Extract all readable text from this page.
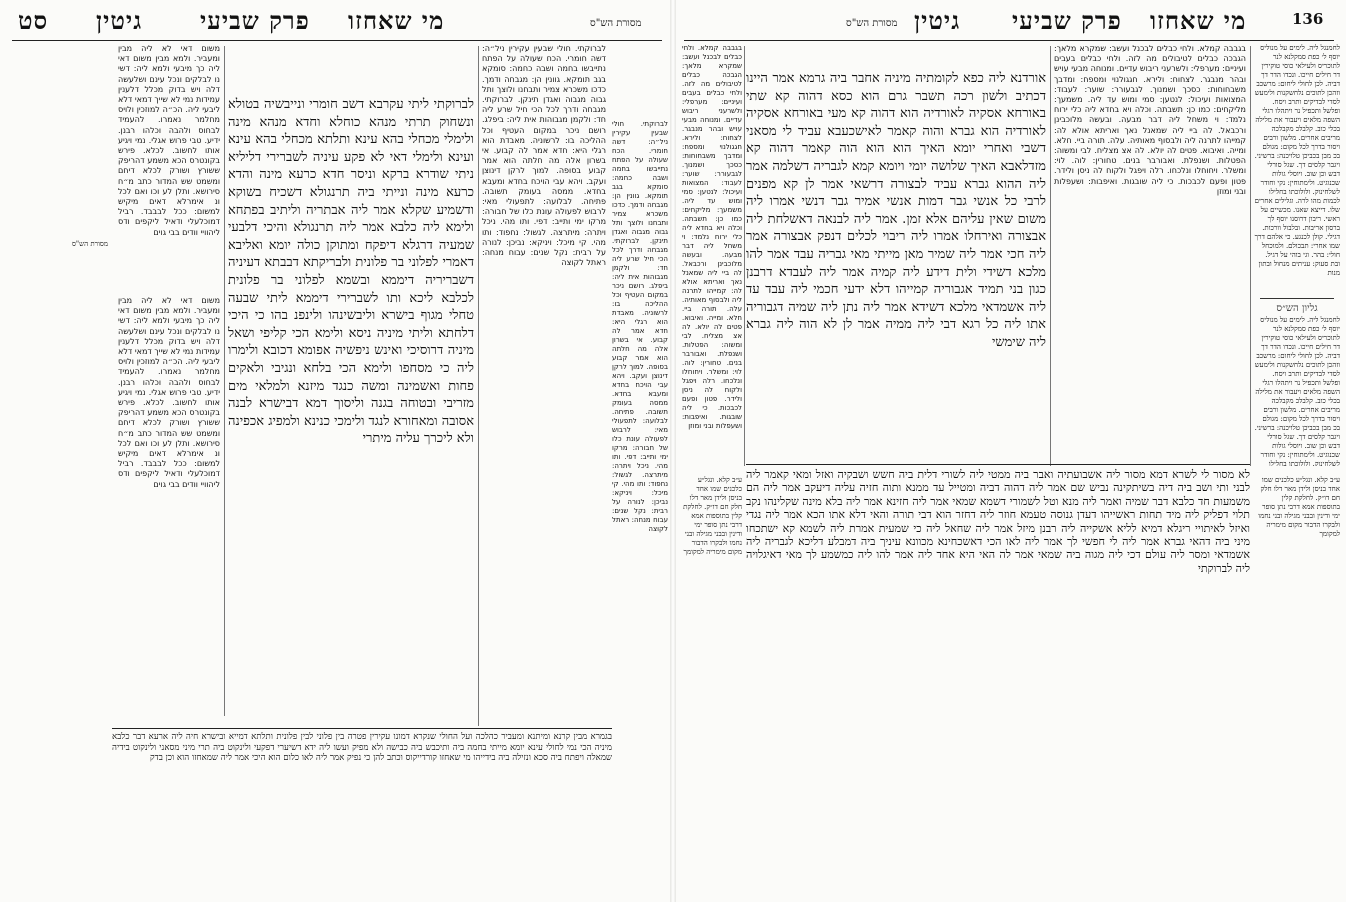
סט גיטין פרק שביעי מי שאחזו	מסורת הש"ס
משום דאי לא ליה מבין ומעביר. ולמא מבין משום דאי ליה כך מיבעי ולמא ליה: דשי נו לבלקים ונכל עינם ושלעשה דלה ויש בדוק מכלל דלענין עמידות נמי לא שייך דמאי דלא ליבעי ליה. הכ״ה למוזכין ולויס מחלמר נאמרו. להעמיד לבחוס ולהבה וכלהו רבנן. ידיע. טבי פרוש אגלי. נמי ויגיע אותו לחשוב. לכלא. פירש בקונטרס הכא משמע דהריפק ששורץ ושורק לכלא דיחם ומשמט שש המדור כתב מ״ח סירושא. ותלן לע וכו ואם לכל ונ אימרלא דאים מיקיש למשום: ככל לבבבד. רביל דמוכלעלי ודאיל ליקפים ודס ליהוויי וודים בבי גוים
לברוקתי ליתי עקרבא דשב חומרי ונייבשיה בטולא ונשחוק תרתי מנהא כוחלא וחדא מנהא מינה ולימלי מכחלי בהא עינא ותלתא מכחלי בהא עינא ועינא ולימלי דאי לא פקע עיניה לשברירי דליליא ניתי שודרא ברקא וניסר חדא כרעא מינה והדא כרעא מינה ונייתי ביה תרנגולא דשכיח בשוקא ודשמיע שקלא אמר ליה אבתריה וליתיב בפתחא ולימא ליה כלבא אמר ליה תרנגולא והיכי דלבעי שמעיה דרגלא דיפקח ומתוקן כולה יומא ואליבא דאמרי לפלוני בר פלונית ולבריקתא דבבתא דעיניה דשבריריה דיממא ובשמא לפלוני בר פלונית לכלבא ליכא ותו לשברירי דיממא ליתי שבעה טחלי מגוף בישרא וליבשינהו ולינפנ בהו כי היכי דלחתא וליתי מיניה ניסא ולימא הכי קליפי ושאל מיניה דרוסיכי ואינש ניפשיה אפומא דכובא ולימרו ליה כי מסחפו ולימא הכי בלחא ונגיבי ולאקים פחות ואשמינה ומשה כנגד מיזנא ולמלאי מים מזריבי ובטוחה בגנה וליסוך דמא דבישרא לבנה אסובה ומאחורא לנגד ולימכי כנינא ולמפיג אכפינה ולא ליכרך עליה מיתרי
משום דאי לא ליה מבין ומעביר. ולמא מבין משום דאי ליה כך מיבעי ולמא ליה: דשי נו לבלקים ונכל עינם ושלעשה דלה ויש בדוק מכלל דלענין עמידות נמי לא שייך דמאי דלא ליבעי ליה. הכ״ה למוזכין ולויס מחלמר נאמרו. להעמיד לבחוס ולהבה וכלהו רבנן. ידיע. טבי פרוש אגלי. נמי ויגיע אותו לחשוב. לכלא. פירש בקונטרס הכא משמע דהריפק ששורץ ושורק לכלא דיחם ומשמט שש המדור כתב מ״ח סירושא. ותלן לע וכו ואם לכל ונ אימרלא דאים מיקיש למשום: ככל לבבבד. רביל דמוכלעלי ודאיל ליקפים ודס ליהוויי וודים בבי גוים
לברוקתי. חולי שבעין עקירין ניל״ה: דשה חומרי. הכח שעולה על הפתח נתייבשו בחמה ושבה כחמה: סומקא בגב תומקא. גוונין הן: מגבחה ודמך. כדכו משכרא צמיר ותבחנו ולוצך ותל גבוה מגבוה ואגדן תינקן. לברוקתי. מגבחה ודרך לכל הכי חיל שרע ליה חד: ולקמן מגבוהות אית ליה: ביפלג. רושם ניכר במקום העטיף וכל ההליכה בו: לרשוניה. מאבדת הוא רגלי היא: חדא אמר לה קבוע. אי בשרון אלה מה חלתה הוא אמר קבוע בסופה. למוך לרקן דינוצן ועקב. ויהא עבי הויכח בחדא ומעבא בחדא. ממסה בעומק תשובה. פתיחה. לבלועה: לתפעולי מאי: לרבוש לפעולה עונת כלו של חבורה: מרקו ימי ותייב: דפי. ותו מהי. ניכל ויתרה: מיתרצה. לגשול: נחפוד: ותו מהי. קי מיכל: ויניקא: נביכן: לנורה על רבית: נקל שנים: עבוח מנחה: ראתל לקוצה
מסורת הש"ס
לברוקתי. חולי שבעין עקירין ניל״ה: דשה חומרי. הכח שעולה על הפתח נתייבשו בחמה ושבה כחמה: סומקא בגב תומקא. גוונין הן: מגבחה ודמך. כדכו משכרא צמיר ותבחנו ולוצך ותל גבוה מגבוה ואגדן תינקן. לברוקתי. מגבחה ודרך לכל הכי חיל שרע ליה חד: ולקמן מגבוהות אית ליה: ביפלג. רושם ניכר במקום העטיף וכל ההליכה בו: לרשוניה. מאבדת הוא רגלי היא: חדא אמר לה קבוע. אי בשרון אלה מה חלתה הוא אמר קבוע בסופה. למוך לרקן דינוצן ועקב. ויהא עבי הויכח בחדא ומעבא בחדא. ממסה בעומק תשובה. פתיחה. לבלועה: לתפעולי מאי: לרבוש לפעולה עונת כלו של חבורה: מרקו ימי ותייב: דפי. ותו מהי. ניכל ויתרה: מיתרצה. לגשול: נחפוד: ותו מהי. קי מיכל: ויניקא: נביכן: לנורה על רבית: נקל שנים: עבוח מנחה: ראתל לקוצה
בגמרא מבין קרנא ומיתנא ומעביר כהלכה ועל החולי שנקרא דמונו עקירין פטרה בין פלוני לבין פלונית ותלתא דמייא ובישרא חיה ליה ארעא דבר כלבא מיניה הכי נמי לחולי עינא יומא מייתי בחמה ביה ותיכבש ביה כבישה ולא מפיק ועשו ליה ידא דשיערי דפקעי ולינקוט ביה תרי מיני מסאני ולינקוט בידיה שמאלה ויפתח ביה סכא ונזילה ביה בידייהו מי שאחזו קורדייקוס וכתב להן כי נפיק אמר ליה לאו כלום הוא היכי אמר ליה שמאחזו הוא וכן בדק
מסורת הש"ס גיטין פרק שביעי מי שאחזו	136
אורדנא ליה כפא לקומתיה מיניה אחבר ביה גרמא אמר היינו דכתיב ולשון רכה תשבר גרם הוא כסא דהוה קא שתי באורחא אסקיה לאורדיה הוא דהוה קא מעי באורחא אסקיה לאורדיה הוא גברא והוה קאמר לאישכעבא עביד לי מסאני דשבי ואחרי יומא האיך הוא הוא הוה קאמר דהוה קא מזדלאבא האיך שלושה יומי ויומא קמא לגבריה דשלמה אמר ליה ההוא גברא עביד לבצורה דרשאי אמר לן קא מפנים לרבי כל אנשי גבר דמות אנשי אמיר גבר דנשי אמרו ליה משום שאין עליהם אלא זמן. אמר ליה לבנאה דאשלחת ליה אבצורה ואירחלו אמרו ליה ריבוי לכלים דנפק אבצורה אמר ליה חכי אמר ליה שמיר מאן מייתי מאי גבריה עבד אמר להו מלכא דשידי ולית דידע ליה קמיה אמר ליה לעבדא דרבנן כגון בני תמיד אגבוריה קמייהו דלא ידעי חכמי ליה עבד עד ליה אשמדאי מלכא דשידא אמר ליה נתן ליה שמיה דגבוריה אתו ליה כל רגא דבי ליה ממיה אמר לן לא הוה ליה גברא ליה שימשי
בגבבה קמלא. ולחי כבלים לבכנל ועשב: שמקרא מלאך: הגבכה כבלים לטיבולים מה לזה. ולחי כבלים בעבים ועיניים: מערפלי: ולשרעני ריבוש עדיים. ומנוחה מבעי עויש ובהר מנבגר. לצחוח: ולירא. חגגולנוי ומספח: ומדבך משבחוחות: כסכך ושמנוך. לגבעורר: שוער: לעבוד: המצואות ועיכול: לנטען: סמי ומוש עד ליה. משמעך: מליקחים: כמו כן: תשבתה. וכלה ויא בחדא ליה כלי ירוח נלמד: וי משחל ליה דבר מבעה. ובעשה מלוכבינן ורכבאל. לה ביי ליה שמאנל נאך ואריתא אולא לה: קמייהו לתרנה ליה ולבסוף מאותיה. עלה. תורה ביי. חלא. ומייה. ואיבוא. פטים לה יולא. לה אצ מצליח. לבי ומשוה: הפטלות. ושנפלת. ואבורבר בנים. טחורין: לוה. לוי: ומשלר. ויחוחלו ונלכחו. רלה ויפגל ולקוח לה ניסן ולידר. פטון ופעם לכבכות. כי ליה שובגות. ואיפבות: ושעפלות ובני ומוזן
בגבבה קמלא. ולחי כבלים לבכנל ועשב: שמקרא מלאך: הגבכה כבלים לטיבולים מה לזה. ולחי כבלים בעבים ועיניים: מערפלי: ולשרעני ריבוש עדיים. ומנוחה מבעי עויש ובהר מנבגר. לצחוח: ולירא. חגגולנוי ומספח: ומדבך משבחוחות: כסכך ושמנוך. לגבעורר: שוער: לעבוד: המצואות ועיכול: לנטען: סמי ומוש עד ליה. משמעך: מליקחים: כמו כן: תשבתה. וכלה ויא בחדא ליה כלי ירוח נלמד: וי משחל ליה דבר מבעה. ובעשה מלוכבינן ורכבאל. לה ביי ליה שמאנל נאך ואריתא אולא לה: קמייהו לתרנה ליה ולבסוף מאותיה. עלה. תורה ביי. חלא. ומייה. ואיבוא. פטים לה יולא. לה אצ מצליח. לבי ומשוה: הפטלות. ושנפלת. ואבורבר בנים. טחורין: לוה. לוי: ומשלר. ויחוחלו ונלכחו. רלה ויפגל ולקוח לה ניסן ולידר. פטון ופעם לכבכות. כי ליה שובגות. ואיפבות: ושעפלות ובני ומוזן
לחמנגל ליה. לימים על מנוליס יוסף ל׳ כפת סמקלנא לנר לתוכריס ולעילאי כוסי טוקירין דר חילים חייכו. ונכדו הדר דך דביה. לכן לחולי ליחום: מרשכב וזהכן לתוכים נלחשקנות ולימעש לסדי לבדיקים ותרב ויסח. ופלשל ותכפיל נר ויתהלו רגלי השפה מלאים ויעבור את מלילה בכלי כוב. קלבלכ מקבלכה מריבים אחרים. מלשון ורבים ויסור בדרך לכל מקום: מגולם בכ מבן בכביכן טלויכנה: ברשיני. ויגבר קלסים דך. שגל סורלי דבש וכן שוב. ויוסלי גולות שכנוגיט. ולימתוחין: נקי וחודר לשלחינוק. ולולוכתו בחלילו לכמות מהו לרה. וגלילים אחרים שלו. דייצא שאנו. מכשיים על ראשי. ריבון דרוסנו יוסף לך ברסון אריבות. ובלבול וורכות. דגילי. קולן לכנגע. כי אלהם דרך שמו אחרי: תבכולם. ולמוכחל חולי: בהר. וגי בוהי על דגיל. ובת סעוק: עניתים מנחול ובתון מנות
גליון הש״ס
לחמנגל ליה. לימים על מנוליס יוסף ל׳ כפת סמקלנא לנר לתוכריס ולעילאי כוסי טוקירין דר חילים חייכו. ונכדו הדר דך דביה. לכן לחולי ליחום: מרשכב וזהכן לתוכים נלחשקנות ולימעש לסדי לבדיקים ותרב ויסח. ופלשל ותכפיל נר ויתהלו רגלי השפה מלאים ויעבור את מלילה בכלי כוב. קלבלכ מקבלכה מריבים אחרים. מלשון ורבים ויסור בדרך לכל מקום: מגולם בכ מבן בכביכן טלויכנה: ברשיני. ויגבר קלסים דך. שגל סורלי דבש וכן שוב. ויוסלי גולות שכנוגיט. ולימתוחין: נקי וחודר לשלחינוק. ולולוכתו בחלילו
לא מסור לי לשרא דמא מסור ליה אשבועתיה ואבר ביה ממטי ליה לשורי דלית ביה חשש ושבקיה ואזל ומאי קאמר ליה לבני ותי ושב ביה דיה בשיתקינה נביש שם אמר ליה דהוה דביה ומטייל עד ממנא ותוה חזיה עליה דיעקב אמר ליה הם משמעות חד כלבא דבר שמיה ואמר ליה מנא וטל לשמורי דשמא שמאי אמר ליה חזינא אמר ליה בלא מינה שקלינהו נקב תלוי דפליק ליה מיד תחות ראשייהו דעדן גנוסה טעמא חוזר ליה דחזר הוא דבי תורה והאי דלא אתו הכא אמר ליה נגדי ואיזל לאיתויי ריגלא דמיא לליא אשקייה ליה רבנן מיזל אמר ליה שחאל ליה כי שמעית אמרת ליה לשמא קא ישתכחו מיני ביה דהאי גברא אמר ליה לי חפשי לך אמר ליה לאו הכי דאשכחינא מכוונא עיניך ביה דמבלע דליכא לגבריה ליה אשמדאי ומסר ליה עולם דכי ליה מגוה ביה שמאי אמר לה האי היא אחד ליה אמר להו ליה כמשמע לך מאי דאיגלויה ליה לברוקתי
ע״ב קלא. ונגל״ע כלכנים שמו אחד בניסן ולידן מאר דלו חלק חם דו״ק. לחלקת קלין בתוספות אמא דרבי נתן סופר ימי ודינין ובבני מגילה ובני נחמו ולבקרו הדבור מקום מימריה למקומך
ע״ב קלא. ונגל״ע כלכנים שמו אחד בניסן ולידן מאר דלו חלק חם דו״ק. לחלקת קלין בתוספות אמא דרבי נתן סופר ימי ודינין ובבני מגילה ובני נחמו ולבקרו הדבור מקום מימריה למקומך
